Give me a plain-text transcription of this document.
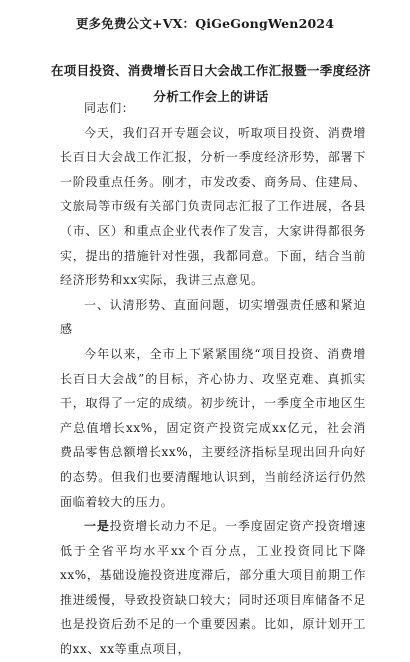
更多免费公文+VX：QiGeGongWen2024
在项目投资、消费增长百日大会战工作汇报暨一季度经济
分析工作会上的讲话

同志们：

今天，我们召开专题会议，听取项目投资、消费增长百日大会战工作汇报，分析一季度经济形势，部署下一阶段重点任务。刚才，市发改委、商务局、住建局、文旅局等市级有关部门负责同志汇报了工作进展，各县（市、区）和重点企业代表作了发言，大家讲得都很务实，提出的措施针对性强，我都同意。下面，结合当前经济形势和xx实际，我讲三点意见。

一、认清形势、直面问题，切实增强责任感和紧迫感

今年以来，全市上下紧紧围绕“项目投资、消费增长百日大会战”的目标，齐心协力、攻坚克难、真抓实干，取得了一定的成绩。初步统计，一季度全市地区生产总值增长xx%，固定资产投资完成xx亿元，社会消费品零售总额增长xx%，主要经济指标呈现出回升向好的态势。但我们也要清醒地认识到，当前经济运行仍然面临着较大的压力。

一是投资增长动力不足。一季度固定资产投资增速低于全省平均水平xx个百分点，工业投资同比下降xx%，基础设施投资进度滞后，部分重大项目前期工作推进缓慢，导致投资缺口较大；同时还项目库储备不足也是投资后劲不足的一个重要因素。比如，原计划开工的xx、xx等重点项目，
